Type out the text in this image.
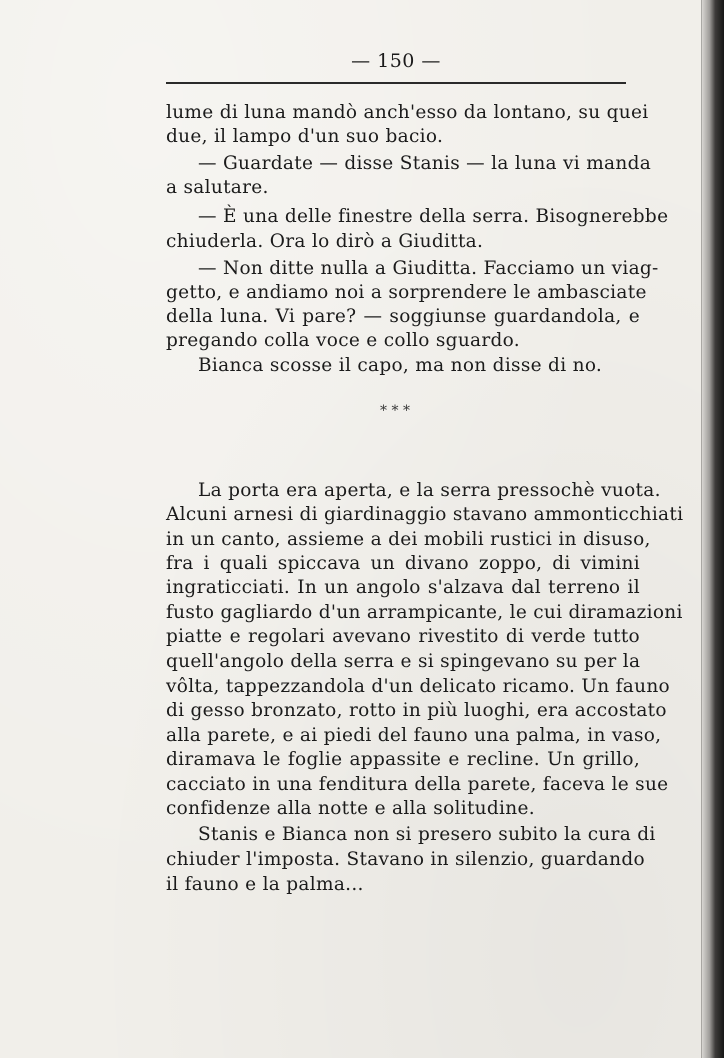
— 150 —
lume di luna mandò anch'esso da lontano, su quei
due, il lampo d'un suo bacio.
— Guardate — disse Stanis — la luna vi manda
a salutare.
— È una delle finestre della serra. Bisognerebbe
chiuderla. Ora lo dirò a Giuditta.
— Non ditte nulla a Giuditta. Facciamo un viag-
getto, e andiamo noi a sorprendere le ambasciate
della luna. Vi pare? — soggiunse guardandola, e
pregando colla voce e collo sguardo.
Bianca scosse il capo, ma non disse di no.
* * *
La porta era aperta, e la serra pressochè vuota.
Alcuni arnesi di giardinaggio stavano ammonticchiati
in un canto, assieme a dei mobili rustici in disuso,
fra i quali spiccava un divano zoppo, di vimini
ingraticciati. In un angolo s'alzava dal terreno il
fusto gagliardo d'un arrampicante, le cui diramazioni
piatte e regolari avevano rivestito di verde tutto
quell'angolo della serra e si spingevano su per la
vôlta, tappezzandola d'un delicato ricamo. Un fauno
di gesso bronzato, rotto in più luoghi, era accostato
alla parete, e ai piedi del fauno una palma, in vaso,
diramava le foglie appassite e recline. Un grillo,
cacciato in una fenditura della parete, faceva le sue
confidenze alla notte e alla solitudine.
Stanis e Bianca non si presero subito la cura di
chiuder l'imposta. Stavano in silenzio, guardando
il fauno e la palma...
